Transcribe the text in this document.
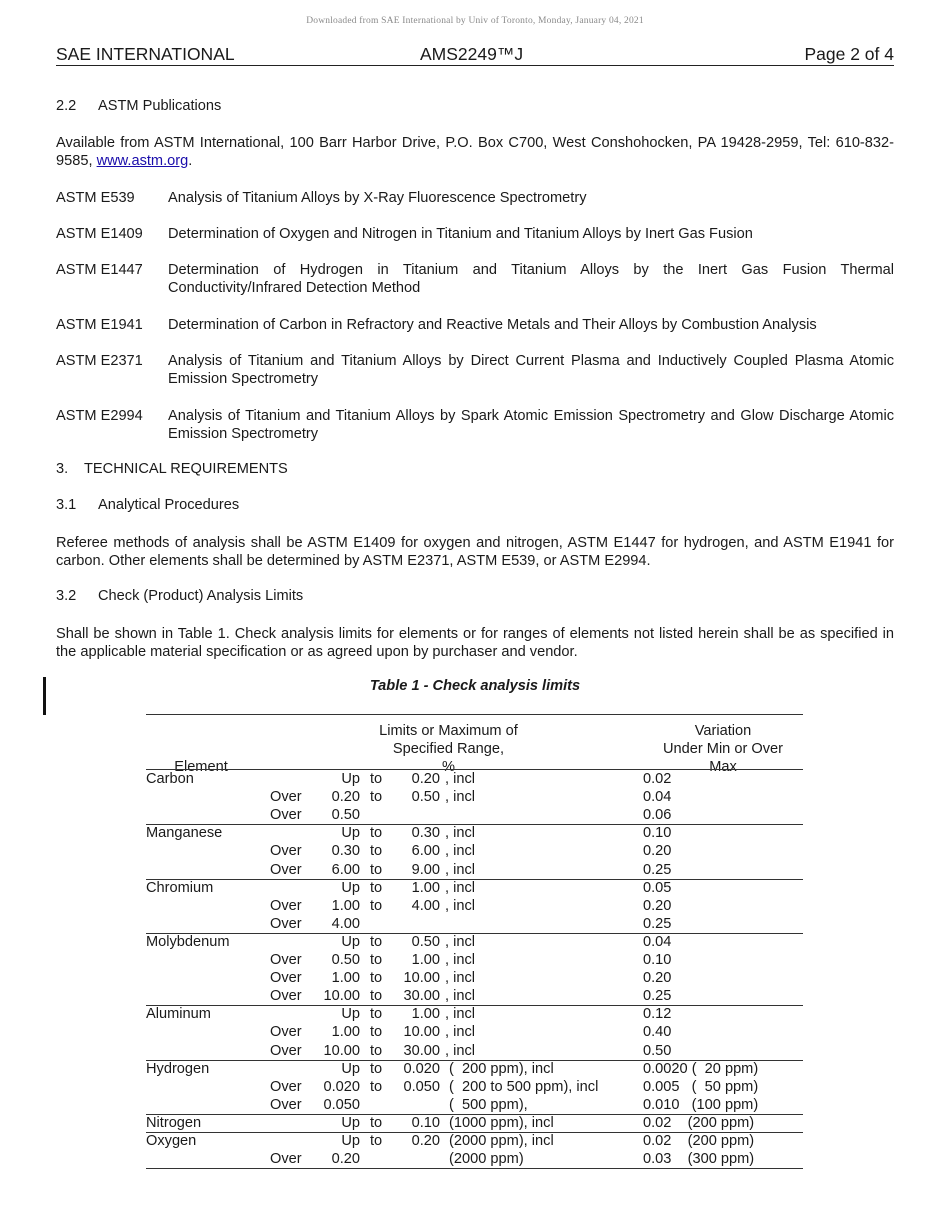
Downloaded from SAE International by Univ of Toronto, Monday, January 04, 2021
SAE INTERNATIONAL	AMS2249™J	Page 2 of 4
2.2 ASTM Publications
Available from ASTM International, 100 Barr Harbor Drive, P.O. Box C700, West Conshohocken, PA 19428-2959, Tel: 610-832-9585, www.astm.org.
ASTM E539 Analysis of Titanium Alloys by X-Ray Fluorescence Spectrometry
ASTM E1409 Determination of Oxygen and Nitrogen in Titanium and Titanium Alloys by Inert Gas Fusion
ASTM E1447 Determination of Hydrogen in Titanium and Titanium Alloys by the Inert Gas Fusion Thermal Conductivity/Infrared Detection Method
ASTM E1941 Determination of Carbon in Refractory and Reactive Metals and Their Alloys by Combustion Analysis
ASTM E2371 Analysis of Titanium and Titanium Alloys by Direct Current Plasma and Inductively Coupled Plasma Atomic Emission Spectrometry
ASTM E2994 Analysis of Titanium and Titanium Alloys by Spark Atomic Emission Spectrometry and Glow Discharge Atomic Emission Spectrometry
3. TECHNICAL REQUIREMENTS
3.1 Analytical Procedures
Referee methods of analysis shall be ASTM E1409 for oxygen and nitrogen, ASTM E1447 for hydrogen, and ASTM E1941 for carbon. Other elements shall be determined by ASTM E2371, ASTM E539, or ASTM E2994.
3.2 Check (Product) Analysis Limits
Shall be shown in Table 1. Check analysis limits for elements or for ranges of elements not listed herein shall be as specified in the applicable material specification or as agreed upon by purchaser and vendor.
Table 1 - Check analysis limits
Element
Limits or Maximum of
Specified Range,
%
Variation
Under Min or Over
Max
Carbon	Up to	0.20 , incl	0.02
Over	0.20 to	0.50 , incl	0.04
Over	0.50	0.06
Manganese	Up to	0.30 , incl	0.10
Over	0.30 to	6.00 , incl	0.20
Over	6.00 to	9.00 , incl	0.25
Chromium	Up to	1.00 , incl	0.05
Over	1.00 to	4.00 , incl	0.20
Over	4.00	0.25
Molybdenum	Up to	0.50 , incl	0.04
Over	0.50 to	1.00 , incl	0.10
Over	1.00 to	10.00 , incl	0.20
Over	10.00 to	30.00 , incl	0.25
Aluminum	Up to	1.00 , incl	0.12
Over	1.00 to	10.00 , incl	0.40
Over	10.00 to	30.00 , incl	0.50
Hydrogen	Up to	0.020 (  200 ppm), incl	0.0020 (  20 ppm)
Over	0.020 to	0.050 (  200 to 500 ppm), incl	0.005   (  50 ppm)
Over	0.050	(  500 ppm),	0.010   (100 ppm)
Nitrogen	Up to	0.10 (1000 ppm), incl	0.02    (200 ppm)
Oxygen	Up to	0.20 (2000 ppm), incl	0.02    (200 ppm)
Over	0.20	(2000 ppm)	0.03    (300 ppm)
